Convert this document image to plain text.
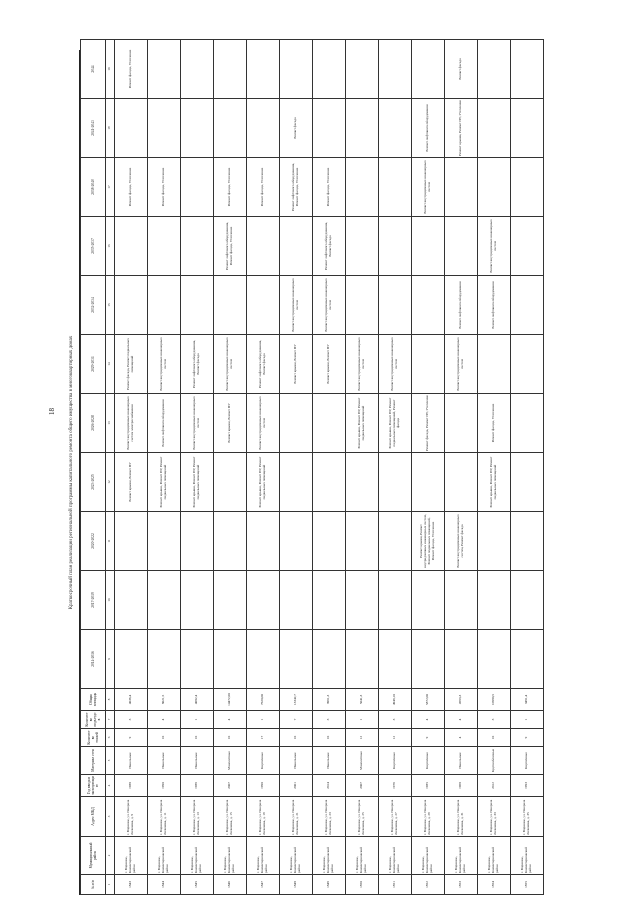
18	Краткосрочный план реализации региональной программы капитального ремонта общего имущества в многоквартирных домах
№ п/п	Муниципальный район	Адрес МКД	Год ввода в эксплуатацию	Материал стен	Количество этажей	Количество подъездов	Общая площадь	2014-2016	2017-2019	2020-2022	2023-2025	2026-2028	2029-2031	2032-2034	2035-2037	2038-2040	2041-2043	2044
1	2	3	4	5	6	7	8	9	10	11	12	13	14	15	16	17	18	19
1843	г. Воронеж, Коминтерновский район	г. Воронеж, ул. Генерала Лизюкова, д. 9	1988	Панельные	9	3	4036,4				Ремонт крыши, Ремонт ПУ	Ремонт внутридомовых инженерных систем электроснабжения	Ремонт фасада, Ремонт подвальных помещений			Ремонт фасада, Утепление		Ремонт фасада, Утепление
1844	г. Воронеж, Коминтерновский район	г. Воронеж, ул. Генерала Лизюкова, д. 11	1990	Панельные	10	4	8021,5				Ремонт крыши, Ремонт ПУ, Ремонт подвальных помещений	Ремонт лифтового оборудования	Ремонт внутридомовых инженерных систем			Ремонт фасада, Утепление		
1845	г. Воронеж, Коминтерновский район	г. Воронеж, ул. Генерала Лизюкова, д. 13	1989	Панельные	10	1	4082,4				Ремонт крыши, Ремонт ПУ, Ремонт подвальных помещений	Ремонт внутридомовых инженерных систем	Ремонт лифтового оборудования, Ремонт фасада					
1846	г. Воронеж, Коминтерновский район	г. Воронеж, ул. Генерала Лизюкова, д. 15	2007	Монолитные	10	4	14472,00					Ремонт крыши, Ремонт ПУ	Ремонт внутридомовых инженерных систем		Ремонт лифтового оборудования, Ремонт фасада, Утепление	Ремонт фасада, Утепление		
1847	г. Воронеж, Коминтерновский район	г. Воронеж, ул. Генерала Лизюкова, д. 19	1990	Кирпичные	17	1	7620,00				Ремонт крыши, Ремонт ПУ, Ремонт подвальных помещений	Ремонт внутридомовых инженерных систем	Ремонт лифтового оборудования, Ремонт фасада			Ремонт фасада, Утепление		
1848	г. Воронеж, Коминтерновский район	г. Воронеж, ул. Генерала Лизюкова, д. 21	2001	Панельные	10	7	13342,7						Ремонт крыши, Ремонт ПУ	Ремонт внутридомовых инженерных систем		Ремонт лифтового оборудования, Ремонт фасада, Утепление	Ремонт фасада	
1849	г. Воронеж, Коминтерновский район	г. Воронеж, ул. Генерала Лизюкова, д. 23	2014	Панельные	10	3	3961,3						Ремонт крыши, Ремонт ПУ	Ремонт внутридомовых инженерных систем	Ремонт лифтового оборудования, Ремонт фасада	Ремонт фасада, Утепление		
1850	г. Воронеж, Коминтерновский район	г. Воронеж, ул. Генерала Лизюкова, д. 25	2007	Монолитные	12	1	5041,3					Ремонт крыши, Ремонт ПУ, Ремонт подвальных помещений	Ремонт внутридомовых инженерных систем					
1851	г. Воронеж, Коминтерновский район	г. Воронеж, ул. Генерала Лизюкова, д. 27	1976	Кирпичные	12	3	4946,10					Ремонт крыши, Ремонт ПУ, Ремонт подвальных помещений, Ремонт фасада	Ремонт внутридомовых инженерных систем					
1852	г. Воронеж, Коминтерновский район	г. Воронеж, ул. Генерала Лизюкова, д. 29	1985	Кирпичные	9	4	5872,00			Ремонт крыши, Ремонт внутридомовых инженерных систем, Ремонт подвальных помещений, Ремонт фасада, Утепление		Ремонт фасада, Ремонт ПУ, Утепление				Ремонт внутридомовых инженерных систем	Ремонт лифтового оборудования	
1853	г. Воронеж, Коминтерновский район	г. Воронеж, ул. Генерала Лизюкова, д. 31	1968	Панельные	4	4	4593,3			Ремонт внутридомовых инженерных систем, Ремонт фасада			Ремонт внутридомовых инженерных систем	Ремонт лифтового оборудования			Ремонт крыши, Ремонт ПУ, Утепление	Ремонт фасада
1854	г. Воронеж, Коминтерновский район	г. Воронеж, ул. Генерала Лизюкова, д. 33	2012	Крупноблочные	10	3	10990,5				Ремонт крыши, Ремонт ПУ, Ремонт подвальных помещений	Ремонт фасада, Утепление		Ремонт лифтового оборудования	Ремонт внутридомовых инженерных систем			
1855	г. Воронеж, Коминтерновский район	г. Воронеж, ул. Генерала Лизюкова, д. 35	1993	Кирпичные	9	1	3491,4											
